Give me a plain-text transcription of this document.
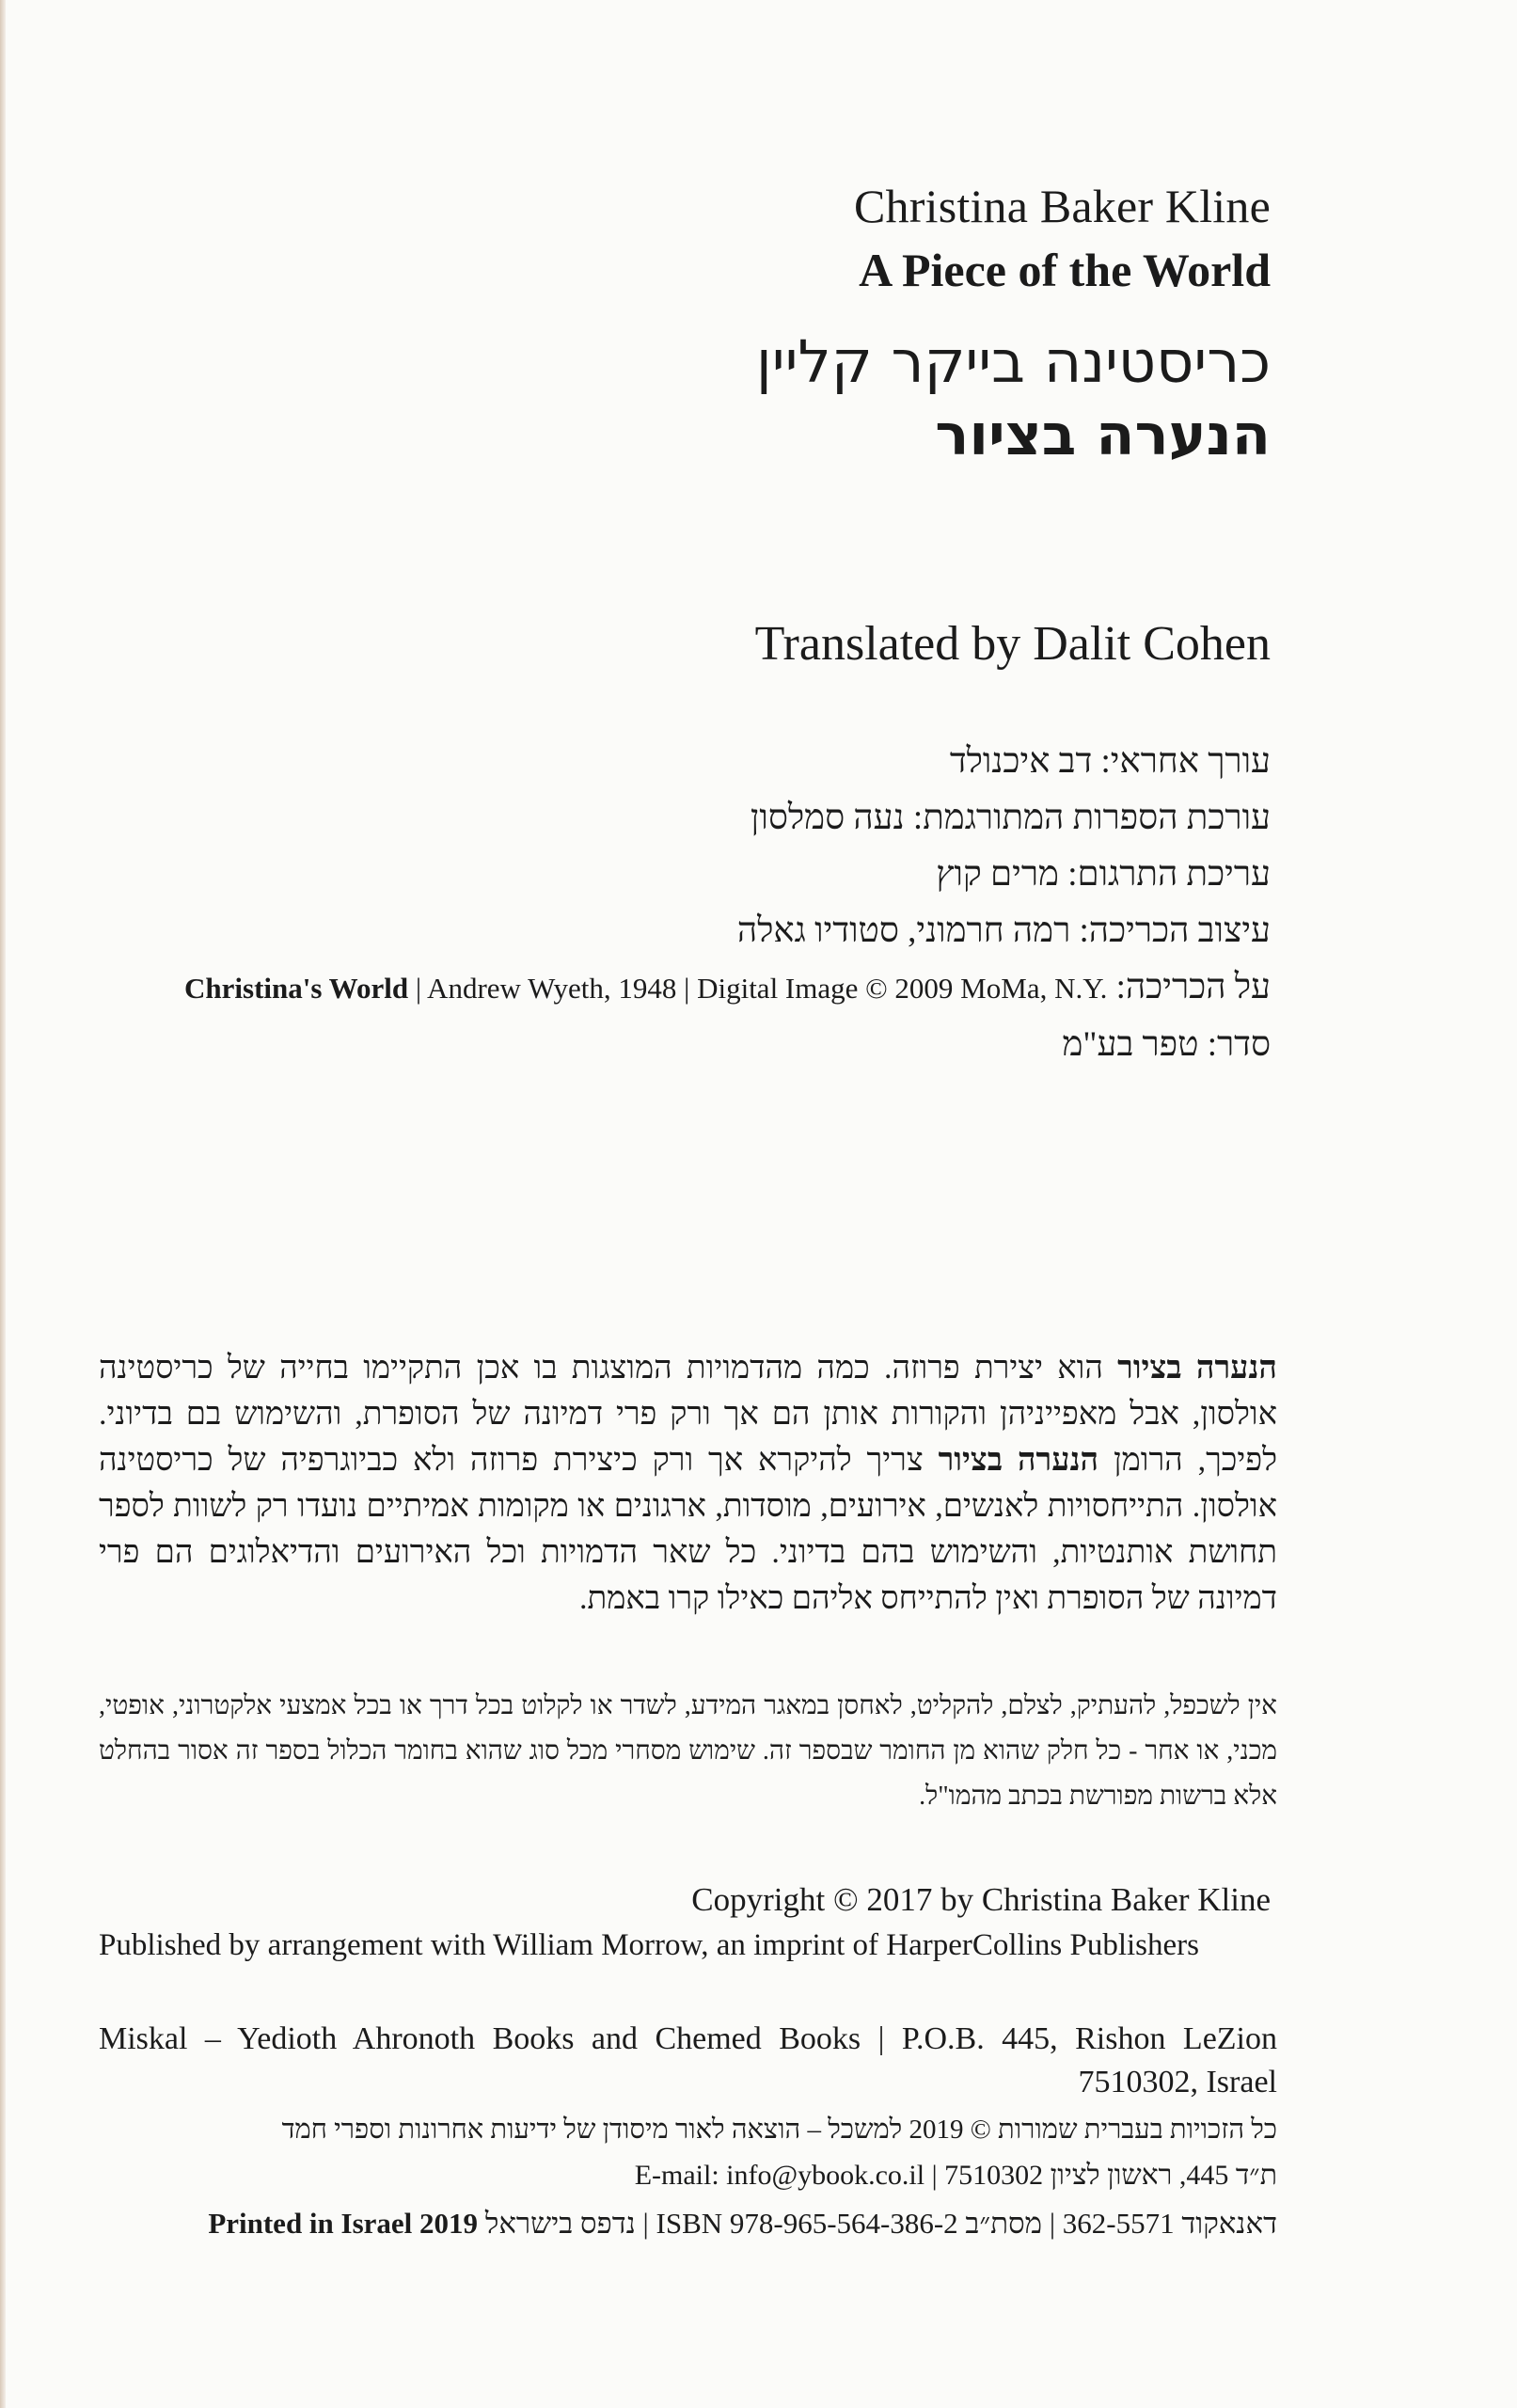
Christina Baker Kline
A Piece of the World
כריסטינה בייקר קליין
הנערה בציור
Translated by Dalit Cohen
עורך אחראי: דב איכנולד
עורכת הספרות המתורגמת: נעה סמלסון
עריכת התרגום: מרים קוץ
עיצוב הכריכה: רמה חרמוני, סטודיו גאלה
על הכריכה: Christina's World | Andrew Wyeth, 1948 | Digital Image © 2009 MoMa, N.Y.
סדר: טפר בע"מ
הנערה בציור הוא יצירת פרוזה. כמה מהדמויות המוצגות בו אכן התקיימו בחייה של כריסטינה אולסון, אבל מאפייניהן והקורות אותן הם אך ורק פרי דמיונה של הסופרת, והשימוש בם בדיוני. לפיכך, הרומן הנערה בציור צריך להיקרא אך ורק כיצירת פרוזה ולא כביוגרפיה של כריסטינה אולסון. התייחסויות לאנשים, אירועים, מוסדות, ארגונים או מקומות אמיתיים נועדו רק לשוות לספר תחושת אותנטיות, והשימוש בהם בדיוני. כל שאר הדמויות וכל האירועים והדיאלוגים הם פרי דמיונה של הסופרת ואין להתייחס אליהם כאילו קרו באמת.
אין לשכפל, להעתיק, לצלם, להקליט, לאחסן במאגר המידע, לשדר או לקלוט בכל דרך או בכל אמצעי אלקטרוני, אופטי, מכני, או אחר - כל חלק שהוא מן החומר שבספר זה. שימוש מסחרי מכל סוג שהוא בחומר הכלול בספר זה אסור בהחלט אלא ברשות מפורשת בכתב מהמו"ל.
Copyright © 2017 by Christina Baker Kline
Published by arrangement with William Morrow, an imprint of HarperCollins Publishers
Miskal – Yedioth Ahronoth Books and Chemed Books | P.O.B. 445, Rishon LeZion 7510302, Israel
כל הזכויות בעברית שמורות © 2019 למשכל – הוצאה לאור מיסודן של ידיעות אחרונות וספרי חמד
ת״ד 445, ראשון לציון 7510302 | E-mail: info@ybook.co.il
דאנאקוד 362-5571 | מסת״ב ISBN 978-965-564-386-2 | נדפס בישראל Printed in Israel 2019
